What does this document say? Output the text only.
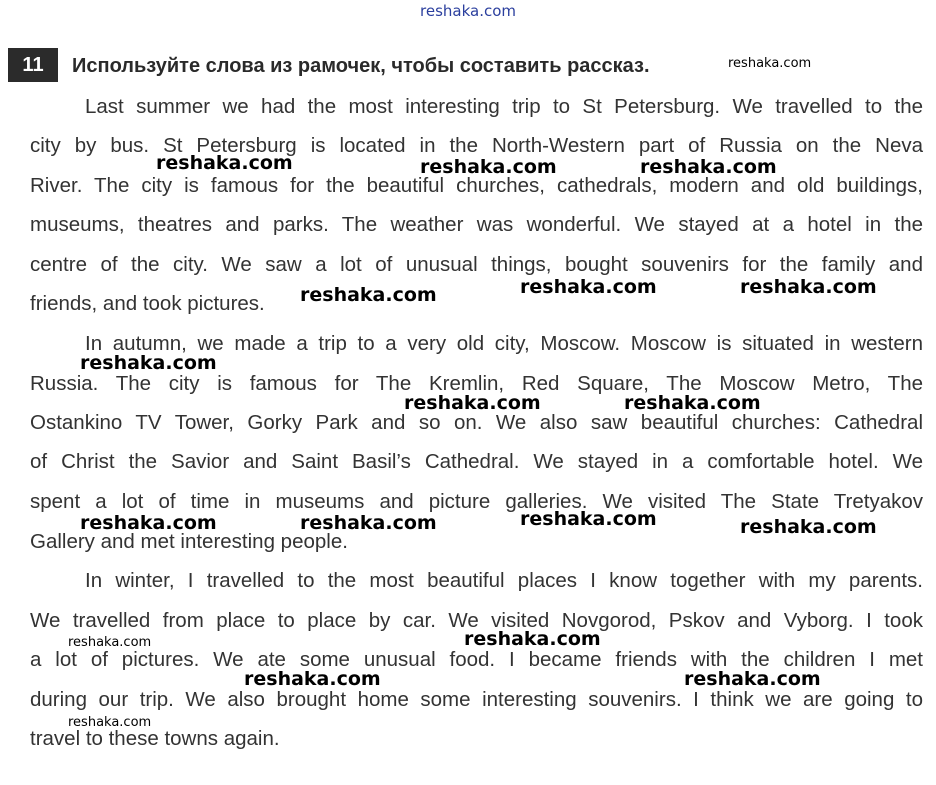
reshaka.com
11	Используйте слова из рамочек, чтобы составить рассказ.
Last summer we had the most interesting trip to St Petersburg. We travelled to the
city by bus. St Petersburg is located in the North-Western part of Russia on the Neva
River. The city is famous for the beautiful churches, cathedrals, modern and old buildings,
museums, theatres and parks. The weather was wonderful. We stayed at a hotel in the
centre of the city. We saw a lot of unusual things, bought souvenirs for the family and
friends, and took pictures.
In autumn, we made a trip to a very old city, Moscow. Moscow is situated in western
Russia. The city is famous for The Kremlin, Red Square, The Moscow Metro, The
Ostankino TV Tower, Gorky Park and so on. We also saw beautiful churches: Cathedral
of Christ the Savior and Saint Basil’s Cathedral. We stayed in a comfortable hotel. We
spent a lot of time in museums and picture galleries. We visited The State Tretyakov
Gallery and met interesting people.
In winter, I travelled to the most beautiful places I know together with my parents.
We travelled from place to place by car. We visited Novgorod, Pskov and Vyborg. I took
a lot of pictures. We ate some unusual food. I became friends with the children I met
during our trip. We also brought home some interesting souvenirs. I think we are going to
travel to these towns again.
reshaka.com
reshaka.com	reshaka.com	reshaka.com
reshaka.com	reshaka.com	reshaka.com
reshaka.com
reshaka.com	reshaka.com
reshaka.com	reshaka.com	reshaka.com	reshaka.com
reshaka.com	reshaka.com
reshaka.com	reshaka.com
reshaka.com
